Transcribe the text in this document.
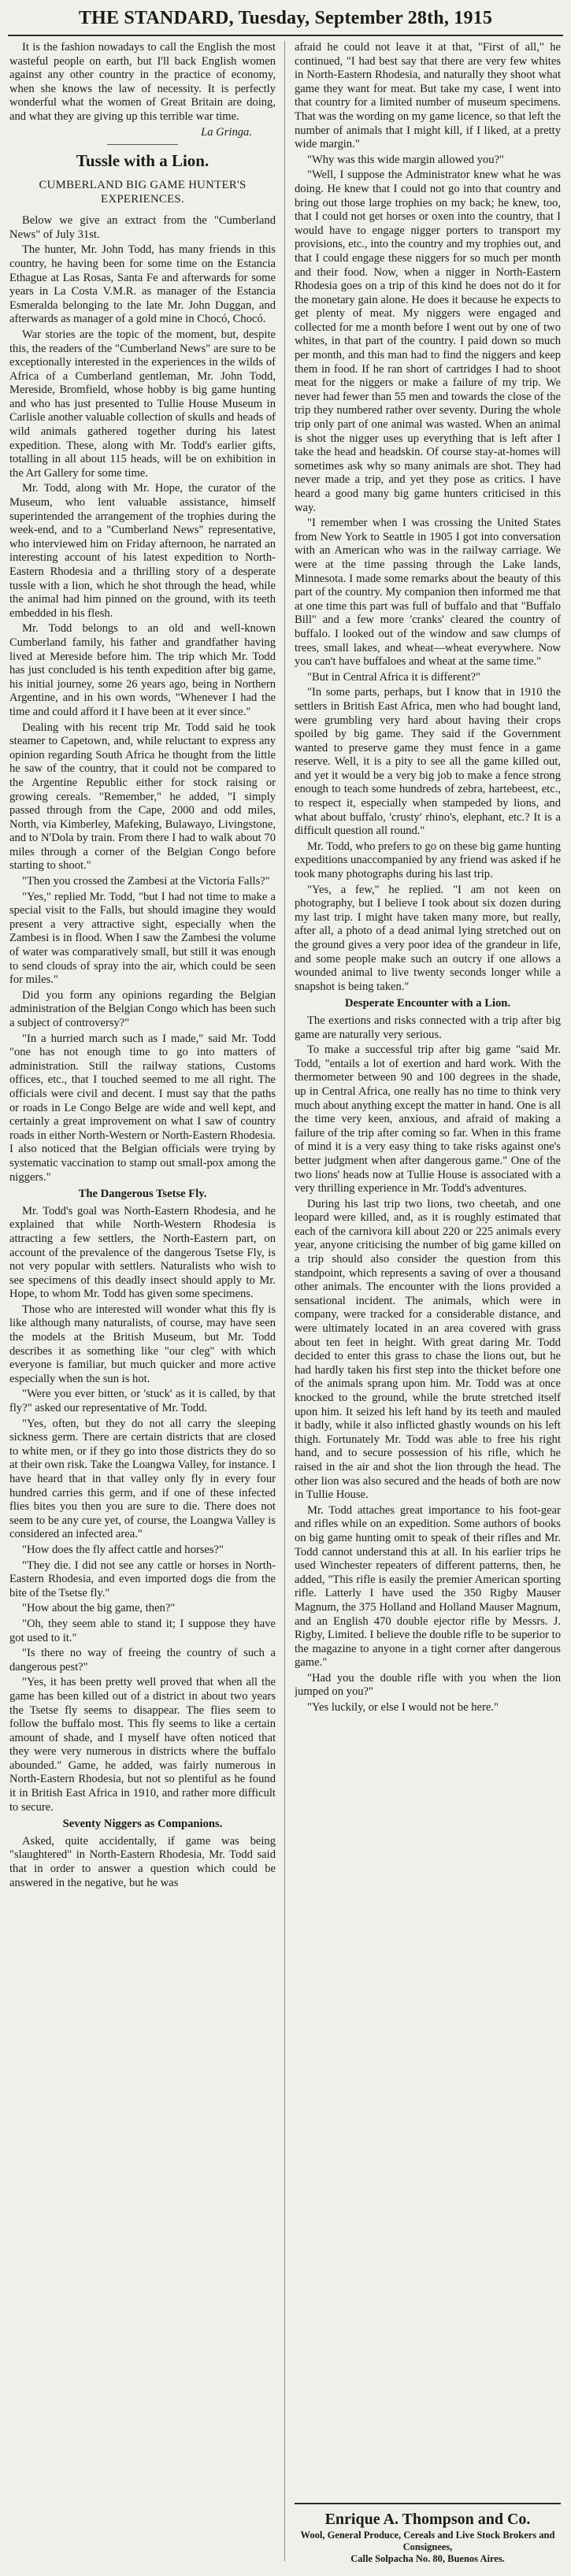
THE STANDARD, Tuesday, September 28th, 1915

It is the fashion nowadays to call the English the most wasteful people on earth, but I'll back English women against any other country in the practice of economy, when she knows the law of necessity. It is perfectly wonderful what the women of Great Britain are doing, and what they are giving up this terrible war time.

La Gringa.
Tussle with a Lion.
CUMBERLAND BIG GAME HUNTER'S EXPERIENCES.

Below we give an extract from the "Cumberland News" of July 31st.

The hunter, Mr. John Todd, has many friends in this country, he having been for some time on the Estancia Ethague at Las Rosas, Santa Fe and afterwards for some years in La Costa V.M.R. as manager of the Estancia Esmeralda belonging to the late Mr. John Duggan, and afterwards as manager of a gold mine in Chocó, Chocó.

War stories are the topic of the moment, but, despite this, the readers of the "Cumberland News" are sure to be exceptionally interested in the experiences in the wilds of Africa of a Cumberland gentleman, Mr. John Todd, Mereside, Bromfield, whose hobby is big game hunting and who has just presented to Tullie House Museum in Carlisle another valuable collection of skulls and heads of wild animals gathered together during his latest expedition. These, along with Mr. Todd's earlier gifts, totalling in all about 115 heads, will be on exhibition in the Art Gallery for some time.

Mr. Todd, along with Mr. Hope, the curator of the Museum, who lent valuable assistance, himself superintended the arrangement of the trophies during the week-end, and to a "Cumberland News" representative, who interviewed him on Friday afternoon, he narrated an interesting account of his latest expedition to North-Eastern Rhodesia and a thrilling story of a desperate tussle with a lion, which he shot through the head, while the animal had him pinned on the ground, with its teeth embedded in his flesh.

Mr. Todd belongs to an old and well-known Cumberland family, his father and grandfather having lived at Mereside before him. The trip which Mr. Todd has just concluded is his tenth expedition after big game, his initial journey, some 26 years ago, being in Northern Argentine, and in his own words, "Whenever I had the time and could afford it I have been at it ever since."

Dealing with his recent trip Mr. Todd said he took steamer to Capetown, and, while reluctant to express any opinion regarding South Africa he thought from the little he saw of the country, that it could not be compared to the Argentine Republic either for stock raising or growing cereals. "Remember," he added, "I simply passed through from the Cape, 2000 and odd miles, North, via Kimberley, Mafeking, Bulawayo, Livingstone, and to N'Dola by train. From there I had to walk about 70 miles through a corner of the Belgian Congo before starting to shoot."

"Then you crossed the Zambesi at the Victoria Falls?"

"Yes," replied Mr. Todd, "but I had not time to make a special visit to the Falls, but should imagine they would present a very attractive sight, especially when the Zambesi is in flood. When I saw the Zambesi the volume of water was comparatively small, but still it was enough to send clouds of spray into the air, which could be seen for miles."

Did you form any opinions regarding the Belgian administration of the Belgian Congo which has been such a subject of controversy?"

"In a hurried march such as I made," said Mr. Todd "one has not enough time to go into matters of administration. Still the railway stations, Customs offices, etc., that I touched seemed to me all right. The officials were civil and decent. I must say that the paths or roads in Le Congo Belge are wide and well kept, and certainly a great improvement on what I saw of country roads in either North-Western or North-Eastern Rhodesia. I also noticed that the Belgian officials were trying by systematic vaccination to stamp out small-pox among the niggers."

The Dangerous Tsetse Fly.

Mr. Todd's goal was North-Eastern Rhodesia, and he explained that while North-Western Rhodesia is attracting a few settlers, the North-Eastern part, on account of the prevalence of the dangerous Tsetse Fly, is not very popular with settlers. Naturalists who wish to see specimens of this deadly insect should apply to Mr. Hope, to whom Mr. Todd has given some specimens.

Those who are interested will wonder what this fly is like although many naturalists, of course, may have seen the models at the British Museum, but Mr. Todd describes it as something like "our cleg" with which everyone is familiar, but much quicker and more active especially when the sun is hot.

"Were you ever bitten, or 'stuck' as it is called, by that fly?" asked our representative of Mr. Todd.

"Yes, often, but they do not all carry the sleeping sickness germ. There are certain districts that are closed to white men, or if they go into those districts they do so at their own risk. Take the Loangwa Valley, for instance. I have heard that in that valley only fly in every four hundred carries this germ, and if one of these infected flies bites you then you are sure to die. There does not seem to be any cure yet, of course, the Loangwa Valley is considered an infected area."

"How does the fly affect cattle and horses?"

"They die. I did not see any cattle or horses in North-Eastern Rhodesia, and even imported dogs die from the bite of the Tsetse fly."

"How about the big game, then?"

"Oh, they seem able to stand it; I suppose they have got used to it."

"Is there no way of freeing the country of such a dangerous pest?"

"Yes, it has been pretty well proved that when all the game has been killed out of a district in about two years the Tsetse fly seems to disappear. The flies seem to follow the buffalo most. This fly seems to like a certain amount of shade, and I myself have often noticed that they were very numerous in districts where the buffalo abounded." Game, he added, was fairly numerous in North-Eastern Rhodesia, but not so plentiful as he found it in British East Africa in 1910, and rather more difficult to secure.

Seventy Niggers as Companions.

Asked, quite accidentally, if game was being "slaughtered" in North-Eastern Rhodesia, Mr. Todd said that in order to answer a question which could be answered in the negative, but he was

afraid he could not leave it at that, "First of all," he continued, "I had best say that there are very few whites in North-Eastern Rhodesia, and naturally they shoot what game they want for meat. But take my case, I went into that country for a limited number of museum specimens. That was the wording on my game licence, so that left the number of animals that I might kill, if I liked, at a pretty wide margin."

"Why was this wide margin allowed you?"

"Well, I suppose the Administrator knew what he was doing. He knew that I could not go into that country and bring out those large trophies on my back; he knew, too, that I could not get horses or oxen into the country, that I would have to engage nigger porters to transport my provisions, etc., into the country and my trophies out, and that I could engage these niggers for so much per month and their food. Now, when a nigger in North-Eastern Rhodesia goes on a trip of this kind he does not do it for the monetary gain alone. He does it because he expects to get plenty of meat. My niggers were engaged and collected for me a month before I went out by one of two whites, in that part of the country. I paid down so much per month, and this man had to find the niggers and keep them in food. If he ran short of cartridges I had to shoot meat for the niggers or make a failure of my trip. We never had fewer than 55 men and towards the close of the trip they numbered rather over seventy. During the whole trip only part of one animal was wasted. When an animal is shot the nigger uses up everything that is left after I take the head and headskin. Of course stay-at-homes will sometimes ask why so many animals are shot. They had never made a trip, and yet they pose as critics. I have heard a good many big game hunters criticised in this way.

"I remember when I was crossing the United States from New York to Seattle in 1905 I got into conversation with an American who was in the railway carriage. We were at the time passing through the Lake lands, Minnesota. I made some remarks about the beauty of this part of the country. My companion then informed me that at one time this part was full of buffalo and that "Buffalo Bill" and a few more 'cranks' cleared the country of buffalo. I looked out of the window and saw clumps of trees, small lakes, and wheat—wheat everywhere. Now you can't have buffaloes and wheat at the same time."

"But in Central Africa it is different?"

"In some parts, perhaps, but I know that in 1910 the settlers in British East Africa, men who had bought land, were grumbling very hard about having their crops spoiled by big game. They said if the Government wanted to preserve game they must fence in a game reserve. Well, it is a pity to see all the game killed out, and yet it would be a very big job to make a fence strong enough to teach some hundreds of zebra, hartebeest, etc., to respect it, especially when stampeded by lions, and what about buffalo, 'crusty' rhino's, elephant, etc.? It is a difficult question all round."

Mr. Todd, who prefers to go on these big game hunting expeditions unaccompanied by any friend was asked if he took many photographs during his last trip.

"Yes, a few," he replied. "I am not keen on photography, but I believe I took about six dozen during my last trip. I might have taken many more, but really, after all, a photo of a dead animal lying stretched out on the ground gives a very poor idea of the grandeur in life, and some people make such an outcry if one allows a wounded animal to live twenty seconds longer while a snapshot is being taken."

Desperate Encounter with a Lion.

The exertions and risks connected with a trip after big game are naturally very serious.

To make a successful trip after big game "said Mr. Todd, "entails a lot of exertion and hard work. With the thermometer between 90 and 100 degrees in the shade, up in Central Africa, one really has no time to think very much about anything except the matter in hand. One is all the time very keen, anxious, and afraid of making a failure of the trip after coming so far. When in this frame of mind it is a very easy thing to take risks against one's better judgment when after dangerous game." One of the two lions' heads now at Tullie House is associated with a very thrilling experience in Mr. Todd's adventures.

During his last trip two lions, two cheetah, and one leopard were killed, and, as it is roughly estimated that each of the carnivora kill about 220 or 225 animals every year, anyone criticising the number of big game killed on a trip should also consider the question from this standpoint, which represents a saving of over a thousand other animals. The encounter with the lions provided a sensational incident. The animals, which were in company, were tracked for a considerable distance, and were ultimately located in an area covered with grass about ten feet in height. With great daring Mr. Todd decided to enter this grass to chase the lions out, but he had hardly taken his first step into the thicket before one of the animals sprang upon him. Mr. Todd was at once knocked to the ground, while the brute stretched itself upon him. It seized his left hand by its teeth and mauled it badly, while it also inflicted ghastly wounds on his left thigh. Fortunately Mr. Todd was able to free his right hand, and to secure possession of his rifle, which he raised in the air and shot the lion through the head. The other lion was also secured and the heads of both are now in Tullie House.

Mr. Todd attaches great importance to his foot-gear and rifles while on an expedition. Some authors of books on big game hunting omit to speak of their rifles and Mr. Todd cannot understand this at all. In his earlier trips he used Winchester repeaters of different patterns, then, he added, "This rifle is easily the premier American sporting rifle. Latterly I have used the 350 Rigby Mauser Magnum, the 375 Holland and Holland Mauser Magnum, and an English 470 double ejector rifle by Messrs. J. Rigby, Limited. I believe the double rifle to be superior to the magazine to anyone in a tight corner after dangerous game."

"Had you the double rifle with you when the lion jumped on you?"

"Yes luckily, or else I would not be here."

Enrique A. Thompson and Co.
Wool, General Produce, Cereals and Live Stock Brokers and Consignees,
Calle Solpacha No. 80, Buenos Aires.
